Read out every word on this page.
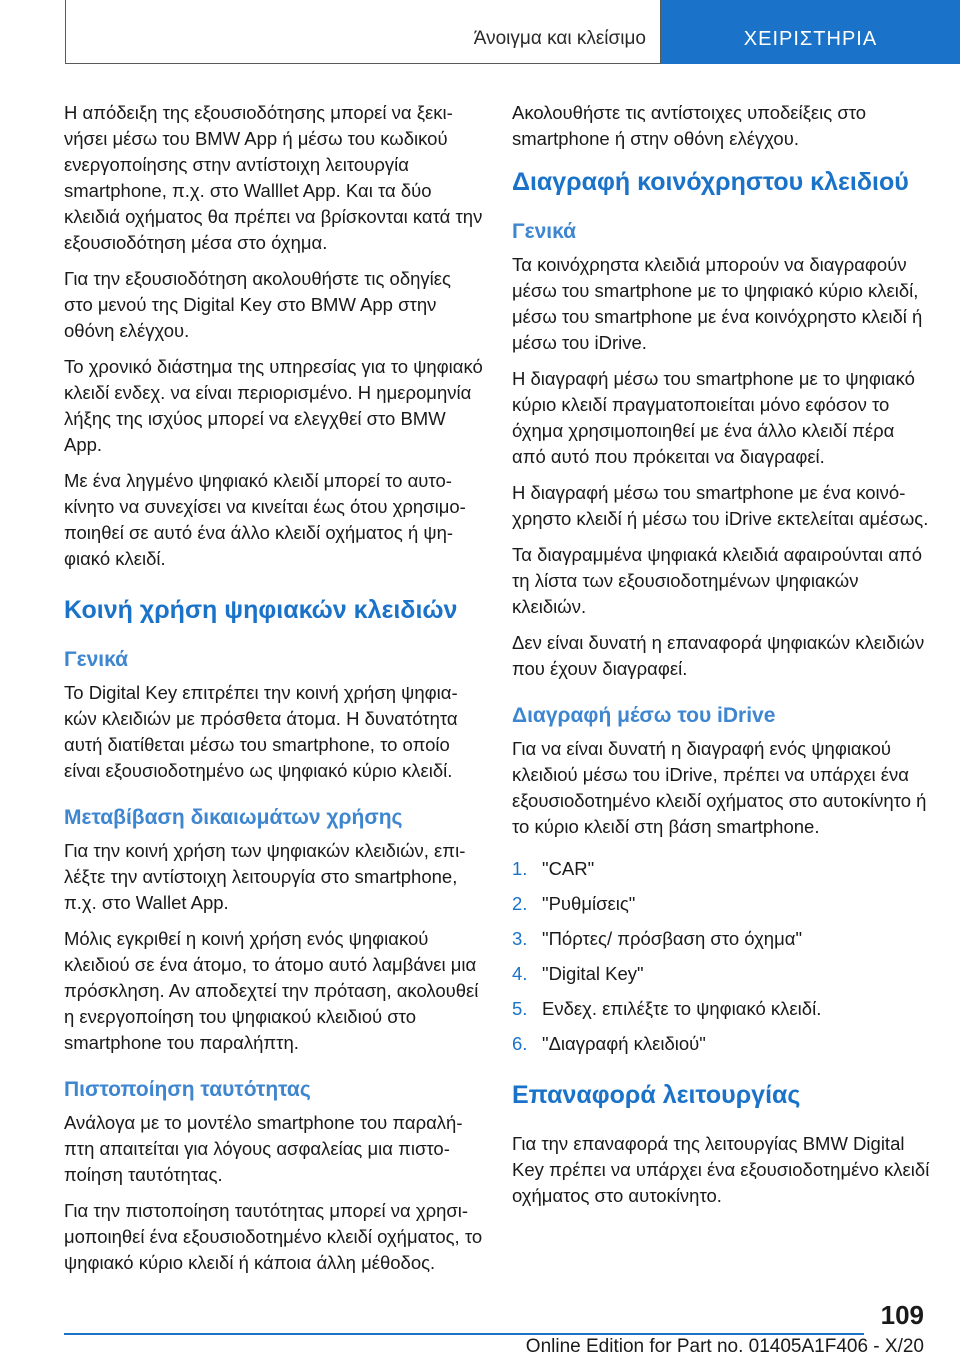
Άνοιγμα και κλείσιμο	ΧΕΙΡΙΣΤΗΡΙΑ

Η απόδειξη της εξουσιοδότησης μπορεί να ξεκινήσει μέσω του BMW App ή μέσω του κωδικού ενεργοποίησης στην αντίστοιχη λειτουργία smartphone, π.χ. στο Walllet App. Και τα δύο κλειδιά οχήματος θα πρέπει να βρίσκονται κατά την εξουσιοδότηση μέσα στο όχημα.

Για την εξουσιοδότηση ακολουθήστε τις οδηγίες στο μενού της Digital Key στο BMW App στην οθόνη ελέγχου.

Το χρονικό διάστημα της υπηρεσίας για το ψηφιακό κλειδί ενδεχ. να είναι περιορισμένο. Η ημερομηνία λήξης της ισχύος μπορεί να ελεγχθεί στο BMW App.

Με ένα ληγμένο ψηφιακό κλειδί μπορεί το αυτοκίνητο να συνεχίσει να κινείται έως ότου χρησιμοποιηθεί σε αυτό ένα άλλο κλειδί οχήματος ή ψηφιακό κλειδί.

Κοινή χρήση ψηφιακών κλειδιών
Γενικά

Το Digital Key επιτρέπει την κοινή χρήση ψηφιακών κλειδιών με πρόσθετα άτομα. Η δυνατότητα αυτή διατίθεται μέσω του smartphone, το οποίο είναι εξουσιοδοτημένο ως ψηφιακό κύριο κλειδί.

Μεταβίβαση δικαιωμάτων χρήσης

Για την κοινή χρήση των ψηφιακών κλειδιών, επιλέξτε την αντίστοιχη λειτουργία στο smartphone, π.χ. στο Wallet App.

Μόλις εγκριθεί η κοινή χρήση ενός ψηφιακού κλειδιού σε ένα άτομο, το άτομο αυτό λαμβάνει μια πρόσκληση. Αν αποδεχτεί την πρόταση, ακολουθεί η ενεργοποίηση του ψηφιακού κλειδιού στο smartphone του παραλήπτη.

Πιστοποίηση ταυτότητας

Ανάλογα με το μοντέλο smartphone του παραλήπτη απαιτείται για λόγους ασφαλείας μια πιστοποίηση ταυτότητας.

Για την πιστοποίηση ταυτότητας μπορεί να χρησιμοποιηθεί ένα εξουσιοδοτημένο κλειδί οχήματος, το ψηφιακό κύριο κλειδί ή κάποια άλλη μέθοδος.

Ακολουθήστε τις αντίστοιχες υποδείξεις στο smartphone ή στην οθόνη ελέγχου.

Διαγραφή κοινόχρηστου κλειδιού
Γενικά

Τα κοινόχρηστα κλειδιά μπορούν να διαγραφούν μέσω του smartphone με το ψηφιακό κύριο κλειδί, μέσω του smartphone με ένα κοινόχρηστο κλειδί ή μέσω του iDrive.

Η διαγραφή μέσω του smartphone με το ψηφιακό κύριο κλειδί πραγματοποιείται μόνο εφόσον το όχημα χρησιμοποιηθεί με ένα άλλο κλειδί πέρα από αυτό που πρόκειται να διαγραφεί.

Η διαγραφή μέσω του smartphone με ένα κοινόχρηστο κλειδί ή μέσω του iDrive εκτελείται αμέσως.

Τα διαγραμμένα ψηφιακά κλειδιά αφαιρούνται από τη λίστα των εξουσιοδοτημένων ψηφιακών κλειδιών.

Δεν είναι δυνατή η επαναφορά ψηφιακών κλειδιών που έχουν διαγραφεί.

Διαγραφή μέσω του iDrive

Για να είναι δυνατή η διαγραφή ενός ψηφιακού κλειδιού μέσω του iDrive, πρέπει να υπάρχει ένα εξουσιοδοτημένο κλειδί οχήματος στο αυτοκίνητο ή το κύριο κλειδί στη βάση smartphone.

1. "CAR"
2. "Ρυθμίσεις"
3. "Πόρτες/ πρόσβαση στο όχημα"
4. "Digital Key"
5. Ενδεχ. επιλέξτε το ψηφιακό κλειδί.
6. "Διαγραφή κλειδιού"
Επαναφορά λειτουργίας

Για την επαναφορά της λειτουργίας BMW Digital Key πρέπει να υπάρχει ένα εξουσιοδοτημένο κλειδί οχήματος στο αυτοκίνητο.

109
Online Edition for Part no. 01405A1F406 - X/20
